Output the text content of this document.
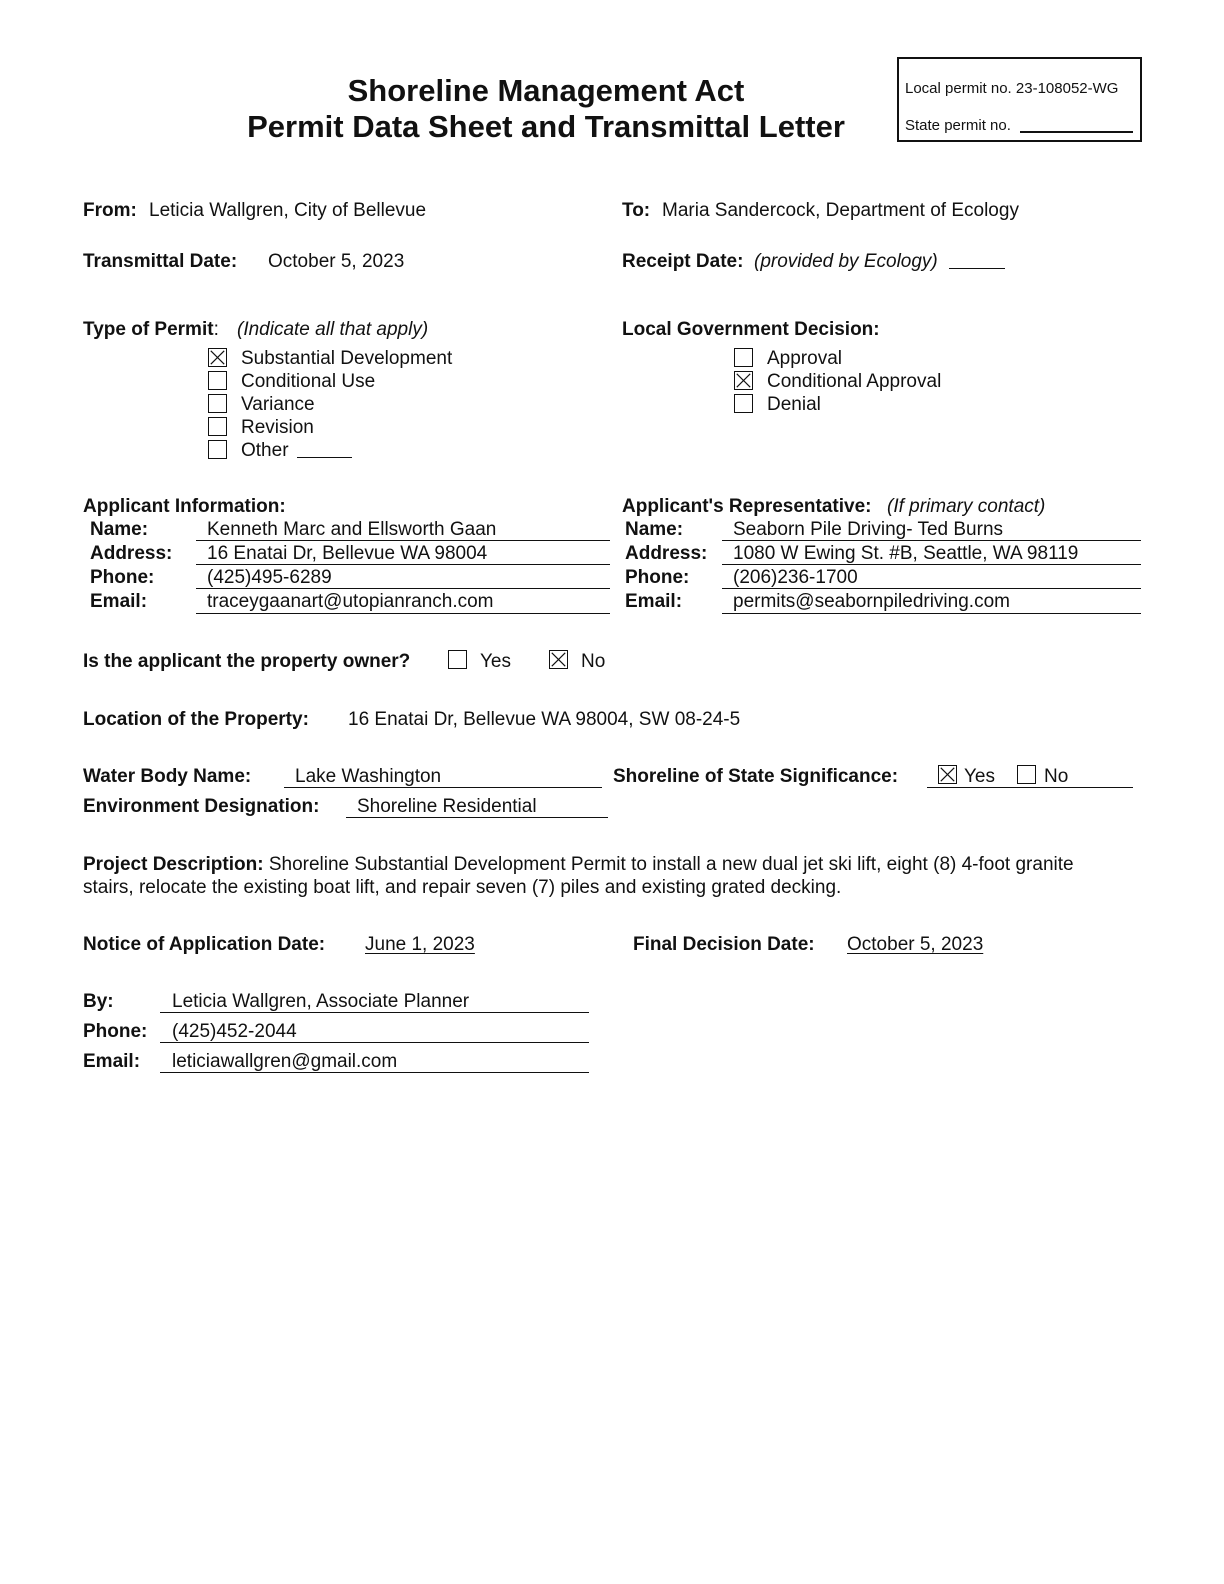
Shoreline Management Act
Permit Data Sheet and Transmittal Letter
Local permit no. 23-108052-WG
State permit no.
From: Leticia Wallgren, City of Bellevue	To: Maria Sandercock, Department of Ecology
Transmittal Date: October 5, 2023	Receipt Date: (provided by Ecology)
Type of Permit: (Indicate all that apply)
Substantial Development
Conditional Use
Variance
Revision
Other
Local Government Decision:
Approval
Conditional Approval
Denial
Applicant Information:
Name:	Kenneth Marc and Ellsworth Gaan
Address: 16 Enatai Dr, Bellevue WA 98004
Phone:	(425)495-6289
Email:	traceygaanart@utopianranch.com
Applicant's Representative: (If primary contact)
Name:	Seaborn Pile Driving- Ted Burns
Address: 1080 W Ewing St. #B, Seattle, WA 98119
Phone: (206)236-1700
Email:	permits@seabornpiledriving.com
Is the applicant the property owner?	Yes	No
Location of the Property: 16 Enatai Dr, Bellevue WA 98004, SW 08-24-5
Water Body Name: Lake Washington	Shoreline of State Significance:	Yes	No
Environment Designation: Shoreline Residential
Project Description: Shoreline Substantial Development Permit to install a new dual jet ski lift, eight (8) 4-foot granite
stairs, relocate the existing boat lift, and repair seven (7) piles and existing grated decking.
Notice of Application Date: June 1, 2023	Final Decision Date: October 5, 2023
By:	Leticia Wallgren, Associate Planner
Phone: (425)452-2044
Email: leticiawallgren@gmail.com
